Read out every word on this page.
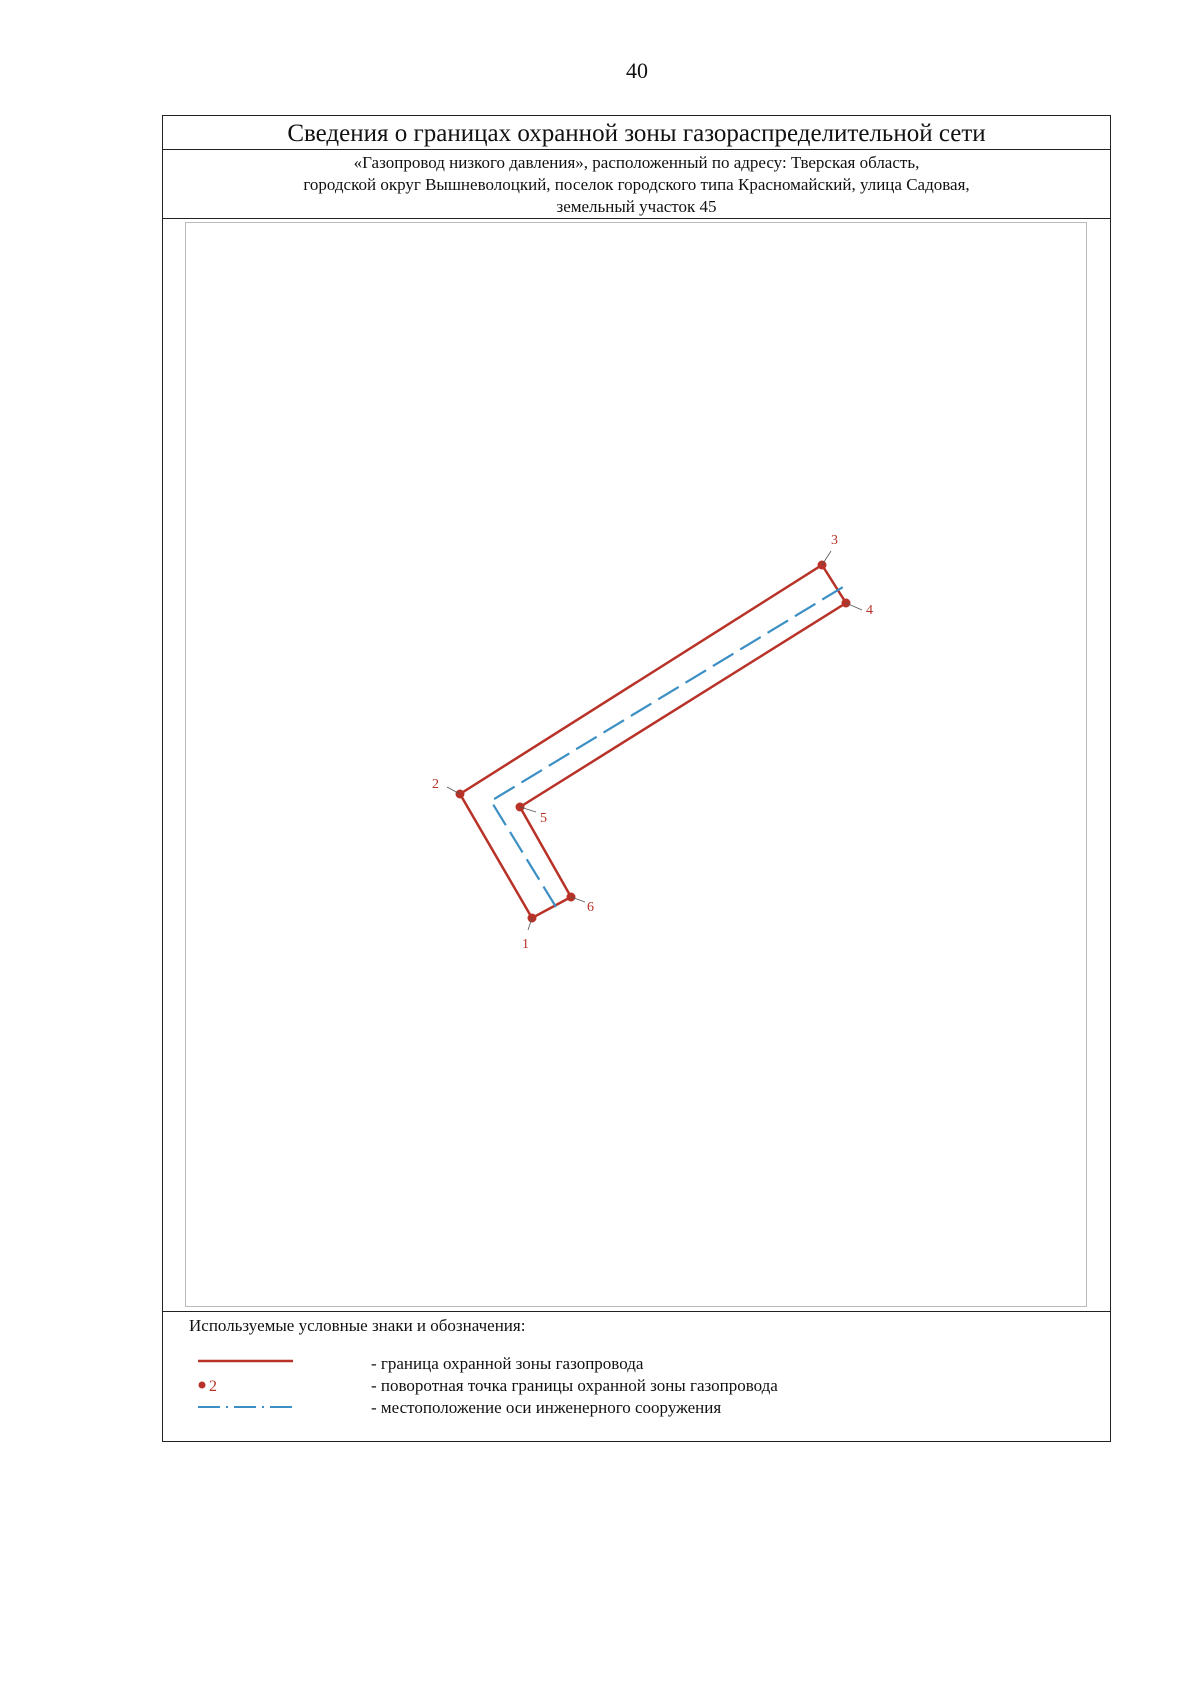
40
Сведения о границах охранной зоны газораспределительной сети
«Газопровод низкого давления», расположенный по адресу: Тверская область,
городской округ Вышневолоцкий, поселок городского типа Красномайский, улица Садовая,
земельный участок 45
Используемые условные знаки и обозначения:
- граница охранной зоны газопровода
2	- поворотная точка границы охранной зоны газопровода
- местоположение оси инженерного сооружения
1
2
3
4
5
6
